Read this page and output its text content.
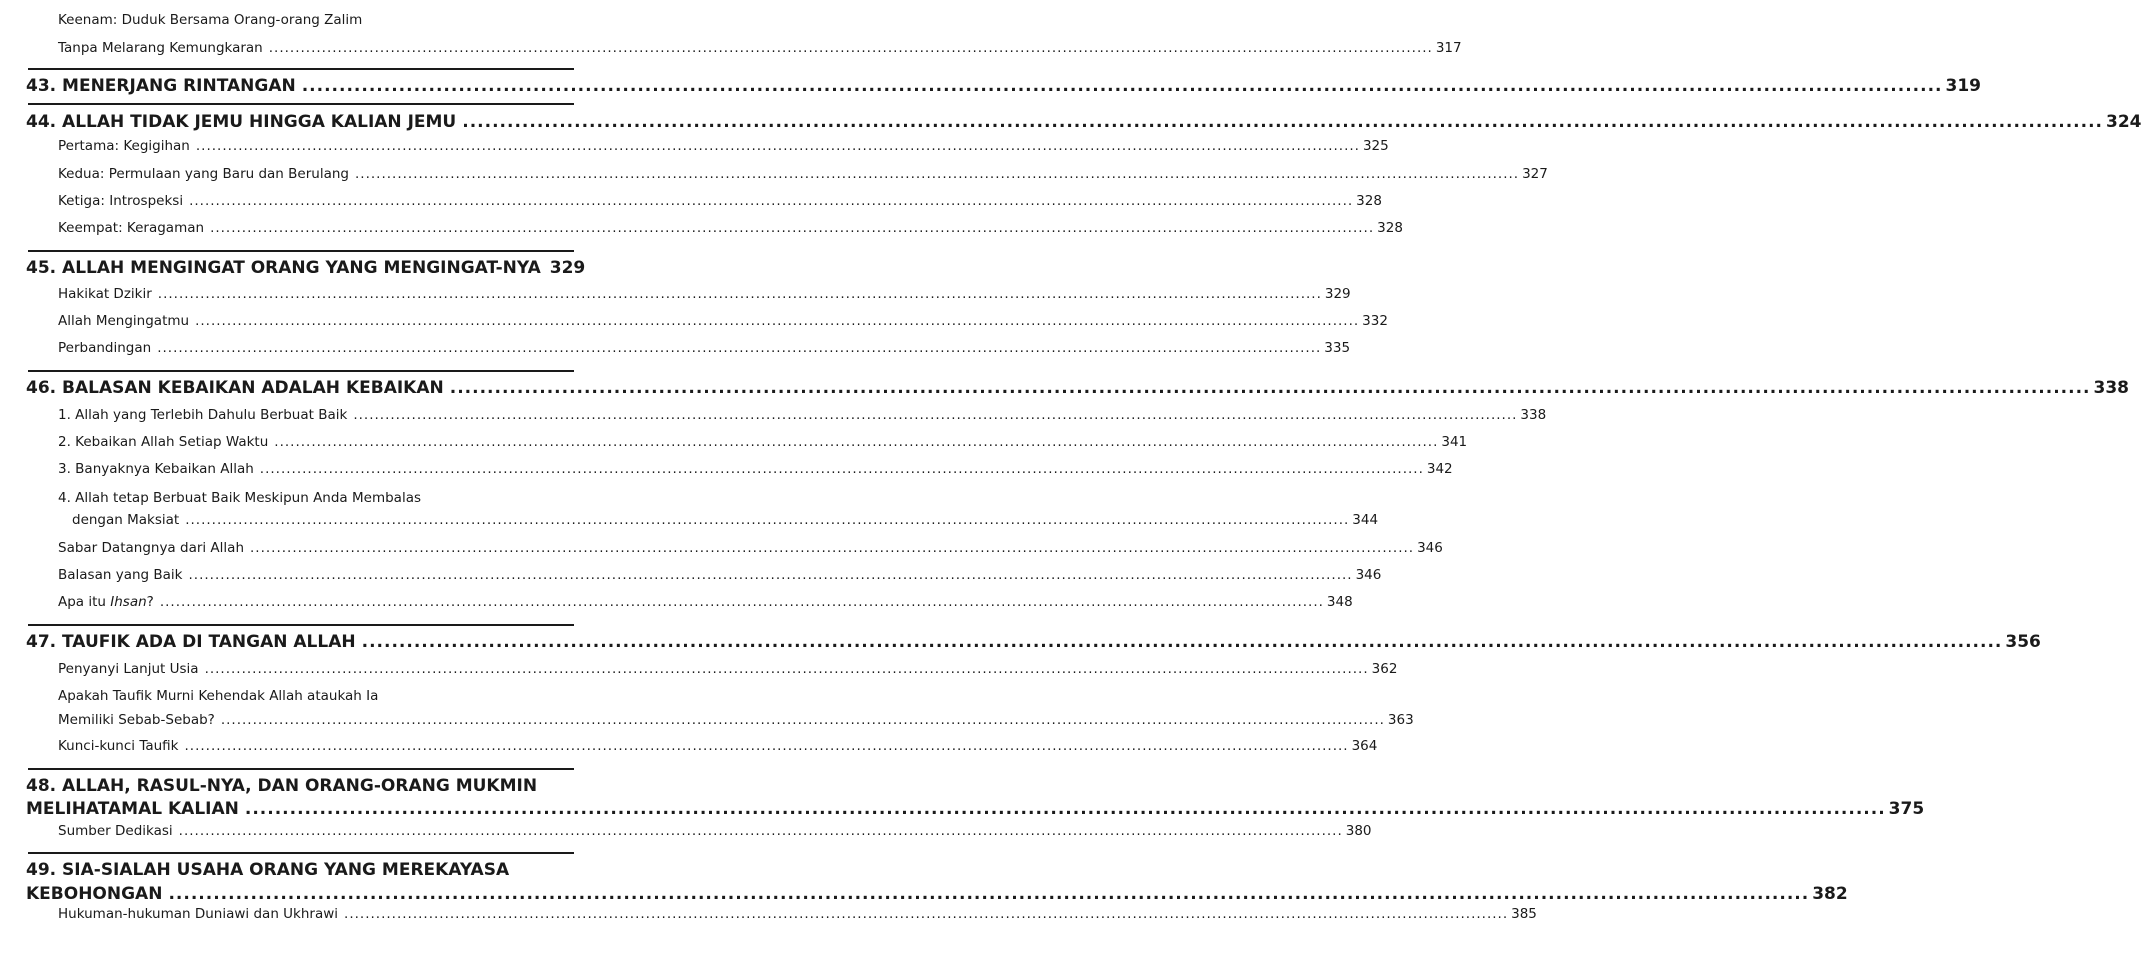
Keenam: Duduk Bersama Orang-orang Zalim
Tanpa Melarang Kemungkaran ............................................................................................................................................................................................................................ 317
43. MENERJANG RINTANGAN ............................................................................................................................................................................................................................ 319
44. ALLAH TIDAK JEMU HINGGA KALIAN JEMU ............................................................................................................................................................................................................................ 324
Pertama: Kegigihan ............................................................................................................................................................................................................................ 325
Kedua: Permulaan yang Baru dan Berulang ............................................................................................................................................................................................................................ 327
Ketiga: Introspeksi ............................................................................................................................................................................................................................ 328
Keempat: Keragaman ............................................................................................................................................................................................................................ 328
45. ALLAH MENGINGAT ORANG YANG MENGINGAT-NYA 329
Hakikat Dzikir ............................................................................................................................................................................................................................ 329
Allah Mengingatmu ............................................................................................................................................................................................................................ 332
Perbandingan ............................................................................................................................................................................................................................ 335
46. BALASAN KEBAIKAN ADALAH KEBAIKAN ............................................................................................................................................................................................................................ 338
1. Allah yang Terlebih Dahulu Berbuat Baik ............................................................................................................................................................................................................................ 338
2. Kebaikan Allah Setiap Waktu ............................................................................................................................................................................................................................ 341
3. Banyaknya Kebaikan Allah ............................................................................................................................................................................................................................ 342
4. Allah tetap Berbuat Baik Meskipun Anda Membalas
dengan Maksiat ............................................................................................................................................................................................................................ 344
Sabar Datangnya dari Allah ............................................................................................................................................................................................................................ 346
Balasan yang Baik ............................................................................................................................................................................................................................ 346
Apa itu Ihsan? ............................................................................................................................................................................................................................ 348
47. TAUFIK ADA DI TANGAN ALLAH ............................................................................................................................................................................................................................ 356
Penyanyi Lanjut Usia ............................................................................................................................................................................................................................ 362
Apakah Taufik Murni Kehendak Allah ataukah Ia
Memiliki Sebab-Sebab? ............................................................................................................................................................................................................................ 363
Kunci-kunci Taufik ............................................................................................................................................................................................................................ 364
48. ALLAH, RASUL-NYA, DAN ORANG-ORANG MUKMIN
MELIHATAMAL KALIAN ............................................................................................................................................................................................................................ 375
Sumber Dedikasi ............................................................................................................................................................................................................................ 380
49. SIA-SIALAH USAHA ORANG YANG MEREKAYASA
KEBOHONGAN ............................................................................................................................................................................................................................ 382
Hukuman-hukuman Duniawi dan Ukhrawi ............................................................................................................................................................................................................................ 385
